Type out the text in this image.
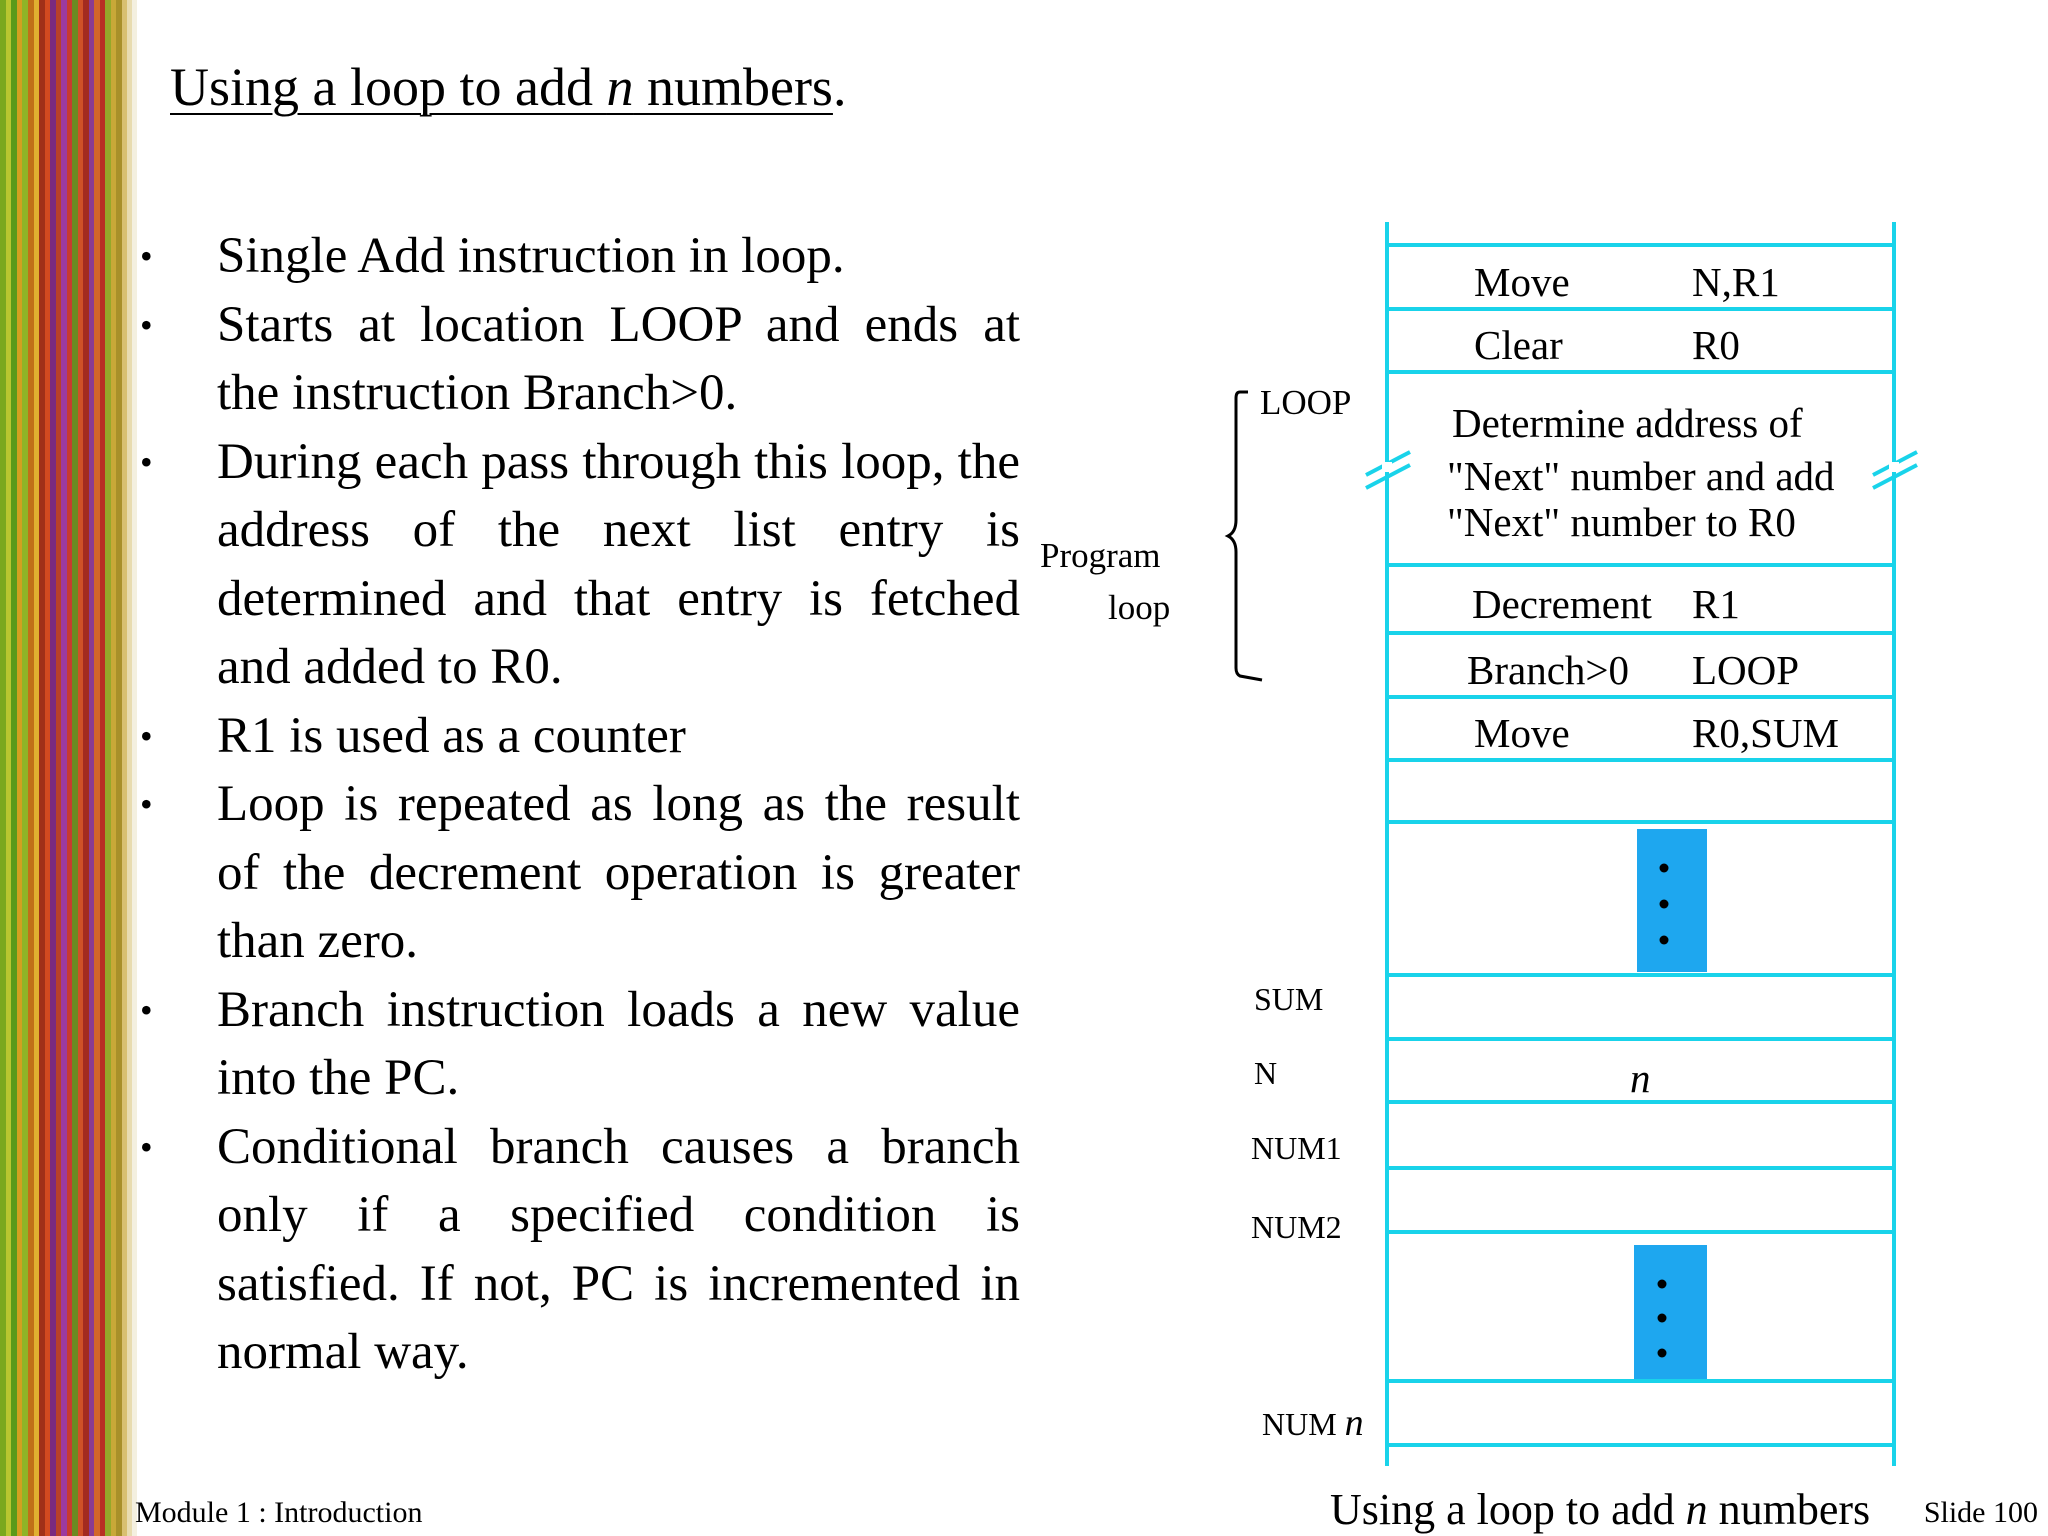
Using a loop to add n numbers.
• Single Add instruction in loop.
• Starts at location LOOP and ends at the instruction Branch>0.
• During each pass through this loop, the address of the next list entry is determined and that entry is fetched and added to R0.
• R1 is used as a counter
• Loop is repeated as long as the result of the decrement operation is greater than zero.
• Branch instruction loads a new value into the PC.
• Conditional branch causes a branch only if a specified condition is satisfied. If not, PC is incremented in normal way.
Move	N,R1
Clear	R0
Determine address of
"Next" number and add
"Next" number to R0
Decrement R1
Branch>0 LOOP
Move	R0,SUM
n
LOOP
Program
loop
SUM
N
NUM1
NUM2
NUM n
Using a loop to add n numbers
Module 1 : Introduction	Slide 100
